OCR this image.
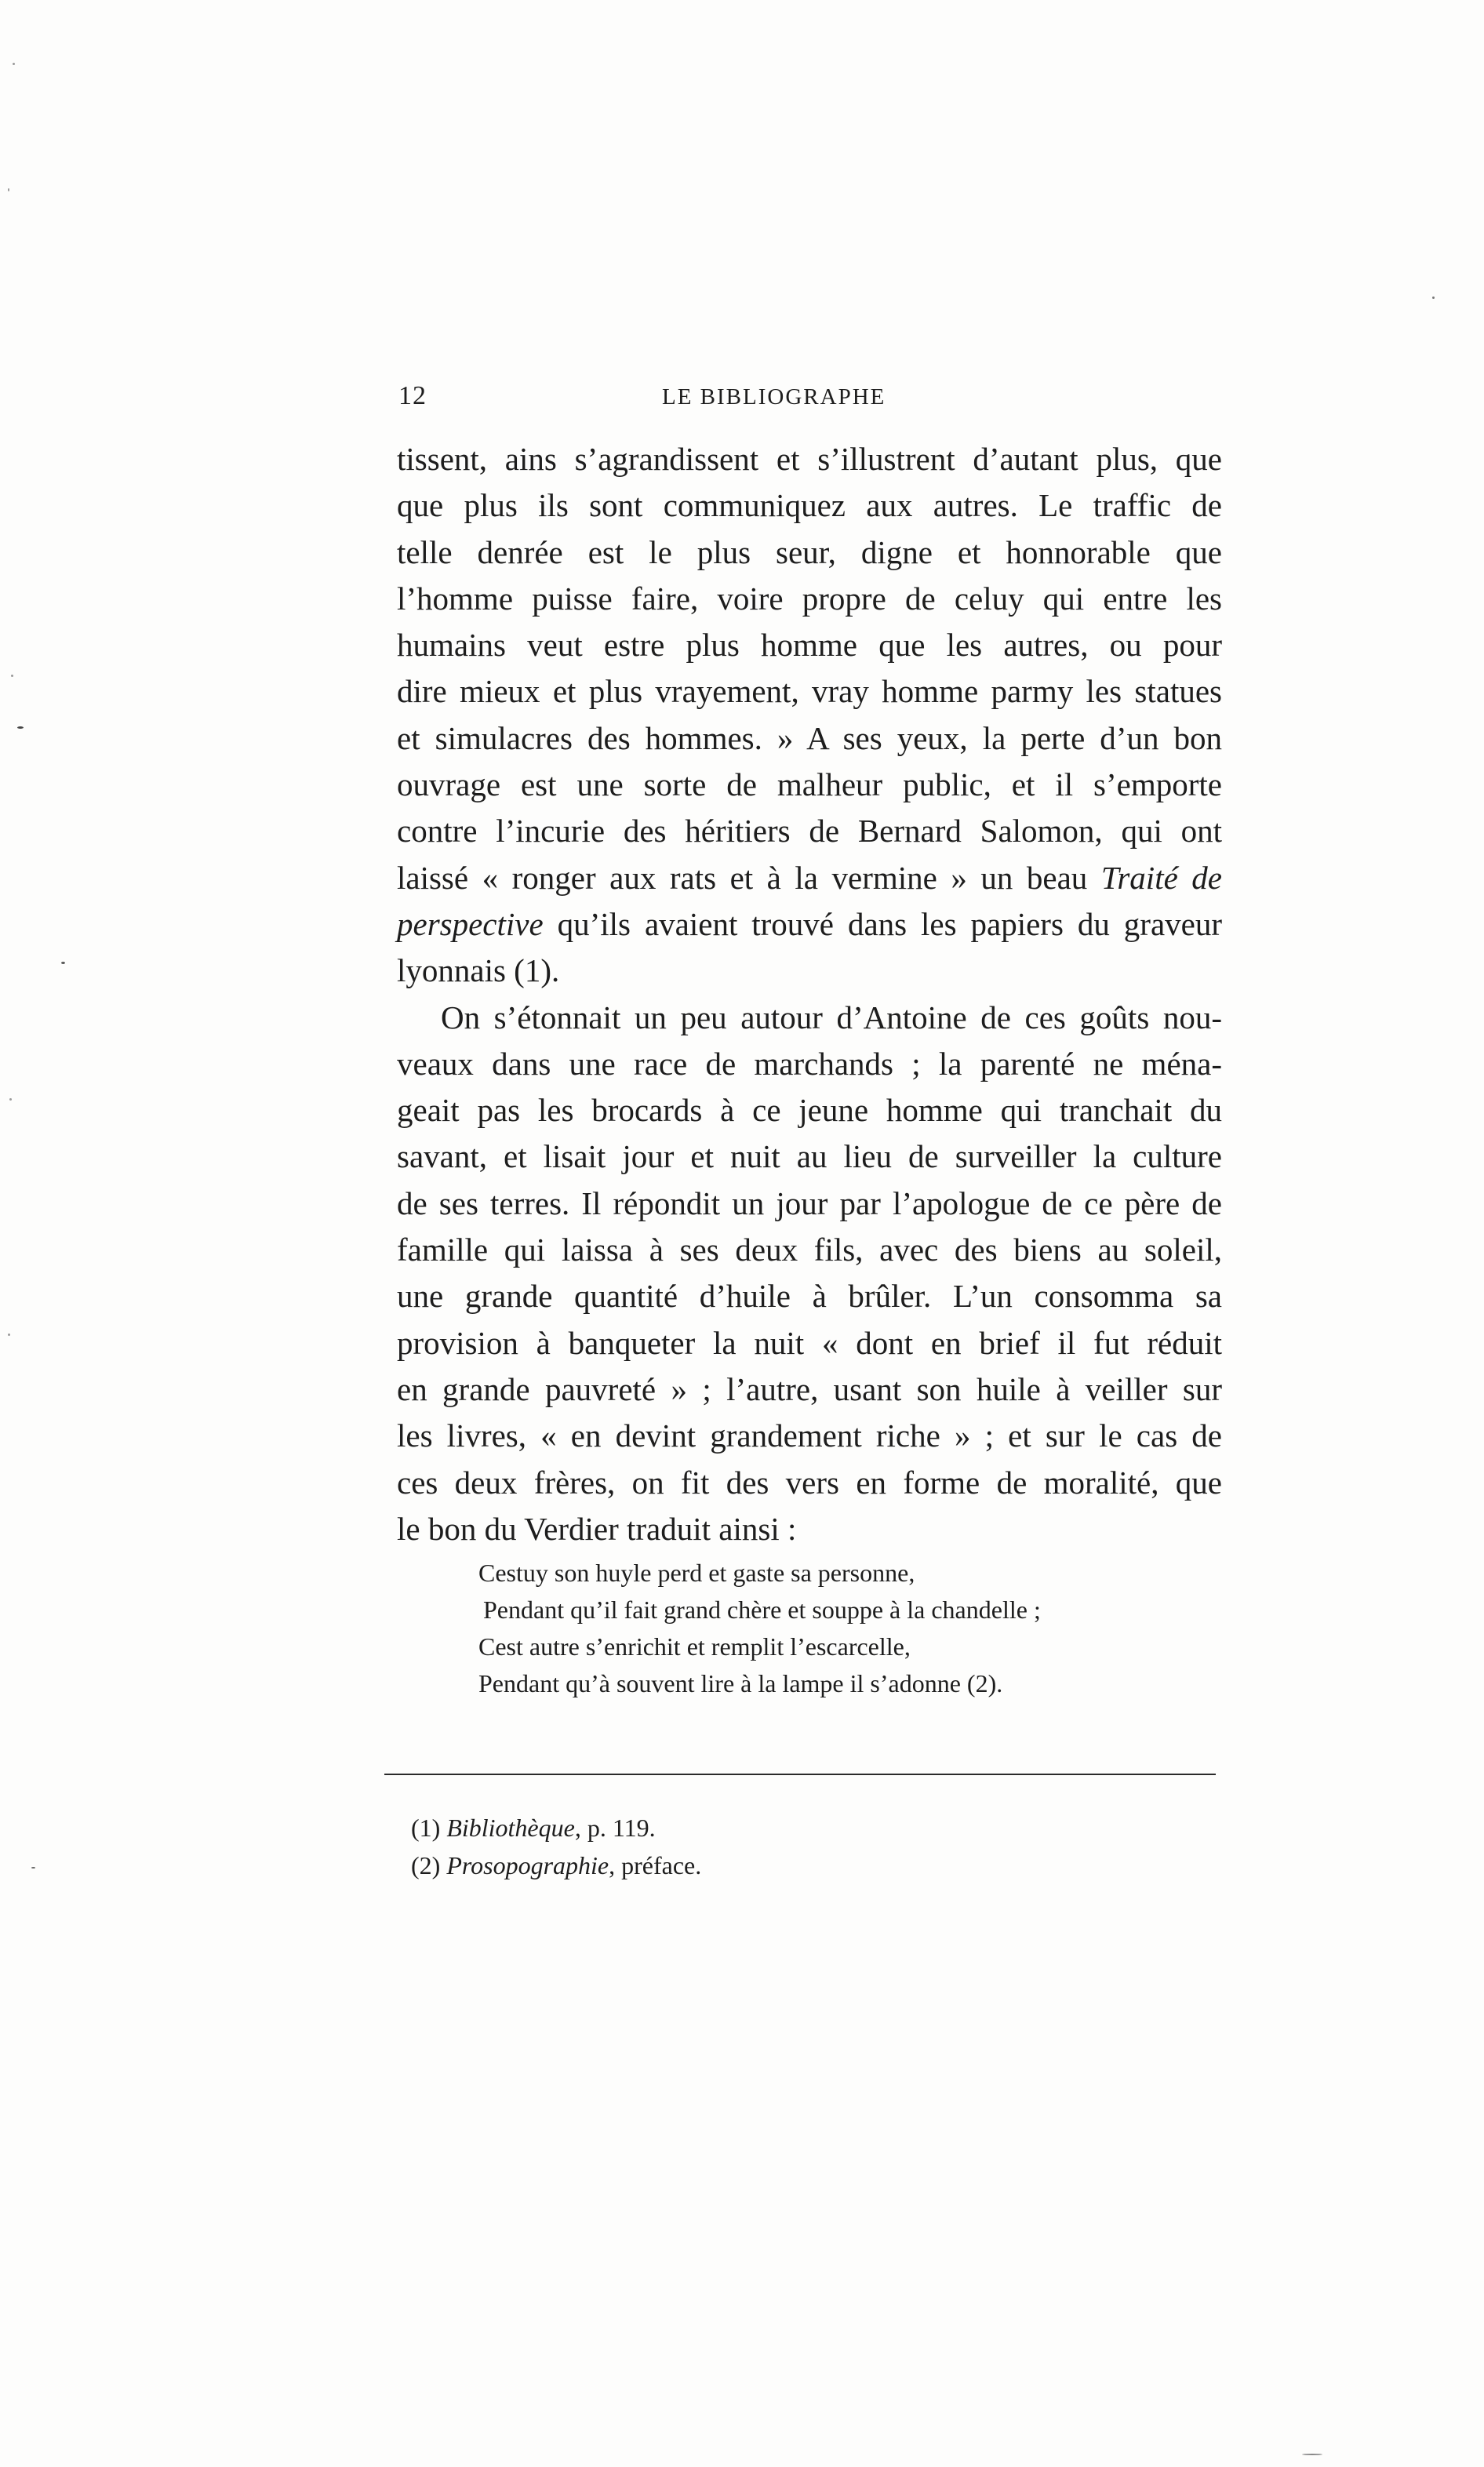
12	LE BIBLIOGRAPHE
tissent, ains s’agrandissent et s’illustrent d’autant plus, que
que plus ils sont communiquez aux autres. Le traffic de
telle denrée est le plus seur, digne et honnorable que
l’homme puisse faire, voire propre de celuy qui entre les
humains veut estre plus homme que les autres, ou pour
dire mieux et plus vrayement, vray homme parmy les statues
et simulacres des hommes. » A ses yeux, la perte d’un bon
ouvrage est une sorte de malheur public, et il s’emporte
contre l’incurie des héritiers de Bernard Salomon, qui ont
laissé « ronger aux rats et à la vermine » un beau Traité de
perspective qu’ils avaient trouvé dans les papiers du graveur
lyonnais (1).
On s’étonnait un peu autour d’Antoine de ces goûts nou-
veaux dans une race de marchands ; la parenté ne ména-
geait pas les brocards à ce jeune homme qui tranchait du
savant, et lisait jour et nuit au lieu de surveiller la culture
de ses terres. Il répondit un jour par l’apologue de ce père de
famille qui laissa à ses deux fils, avec des biens au soleil,
une grande quantité d’huile à brûler. L’un consomma sa
provision à banqueter la nuit « dont en brief il fut réduit
en grande pauvreté » ; l’autre, usant son huile à veiller sur
les livres, « en devint grandement riche » ; et sur le cas de
ces deux frères, on fit des vers en forme de moralité, que
le bon du Verdier traduit ainsi :
Cestuy son huyle perd et gaste sa personne,
Pendant qu’il fait grand chère et souppe à la chandelle ;
Cest autre s’enrichit et remplit l’escarcelle,
Pendant qu’à souvent lire à la lampe il s’adonne (2).
(1) Bibliothèque, p. 119.
(2) Prosopographie, préface.
